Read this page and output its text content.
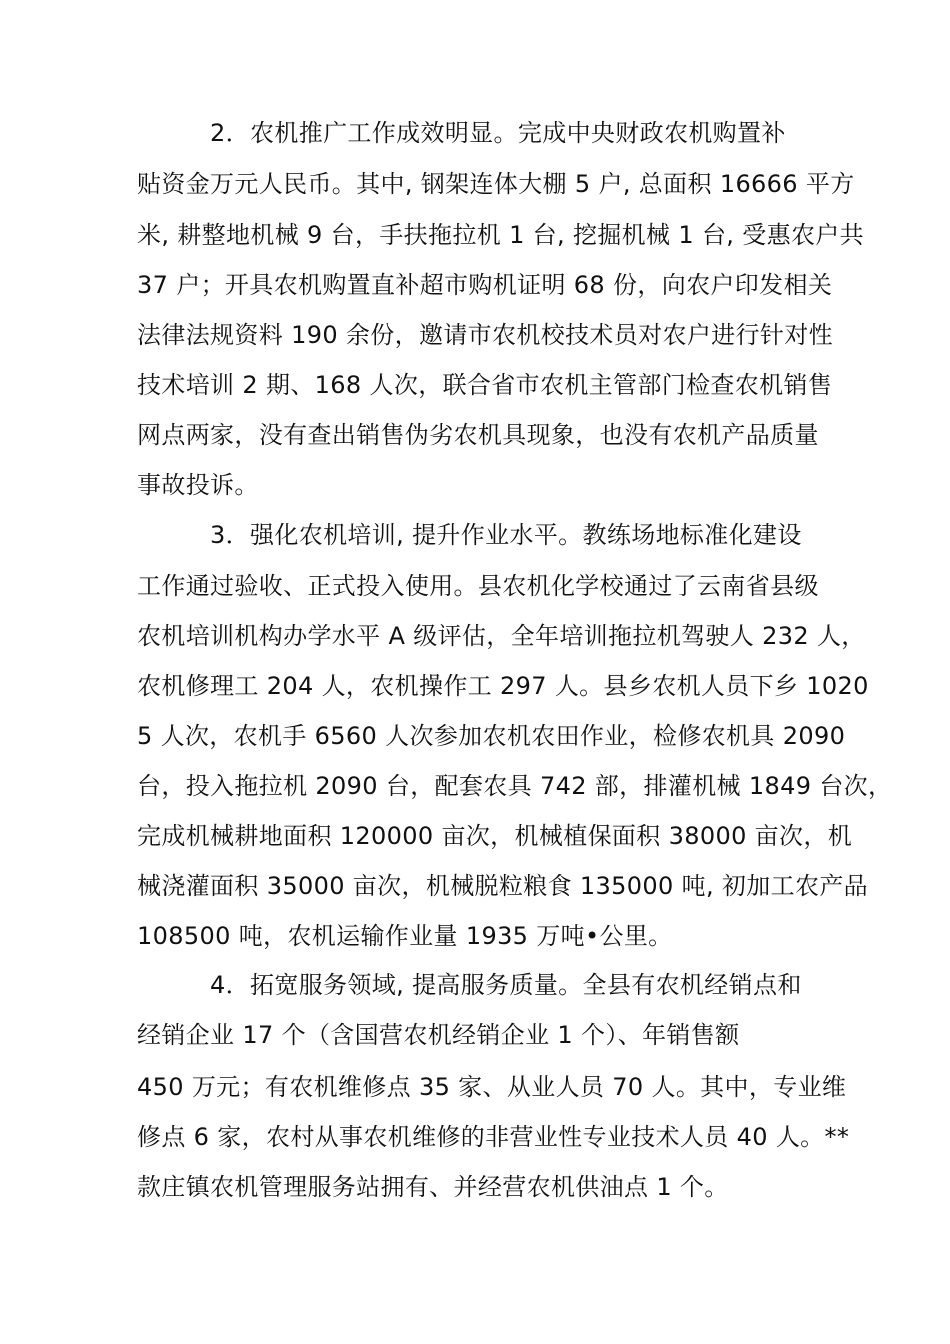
　　　2．农机推广工作成效明显。完成中央财政农机购置补
贴资金万元人民币。其中, 钢架连体大棚 5 户, 总面积 16666 平方
米, 耕整地机械 9 台，手扶拖拉机 1 台, 挖掘机械 1 台, 受惠农户共
37 户；开具农机购置直补超市购机证明 68 份，向农户印发相关
法律法规资料 190 余份，邀请市农机校技术员对农户进行针对性
技术培训 2 期、168 人次，联合省市农机主管部门检查农机销售
网点两家，没有查出销售伪劣农机具现象，也没有农机产品质量
事故投诉。
　　　3．强化农机培训, 提升作业水平。教练场地标准化建设
工作通过验收、正式投入使用。县农机化学校通过了云南省县级
农机培训机构办学水平 A 级评估，全年培训拖拉机驾驶人 232 人，
农机修理工 204 人，农机操作工 297 人。县乡农机人员下乡 1020
5 人次，农机手 6560 人次参加农机农田作业，检修农机具 2090
台，投入拖拉机 2090 台，配套农具 742 部，排灌机械 1849 台次，
完成机械耕地面积 120000 亩次，机械植保面积 38000 亩次，机
械浇灌面积 35000 亩次，机械脱粒粮食 135000 吨, 初加工农产品
108500 吨，农机运输作业量 1935 万吨•公里。
　　　4．拓宽服务领域, 提高服务质量。全县有农机经销点和
经销企业 17 个（含国营农机经销企业 1 个）、年销售额
450 万元；有农机维修点 35 家、从业人员 70 人。其中，专业维
修点 6 家，农村从事农机维修的非营业性专业技术人员 40 人。**
款庄镇农机管理服务站拥有、并经营农机供油点 1 个。
